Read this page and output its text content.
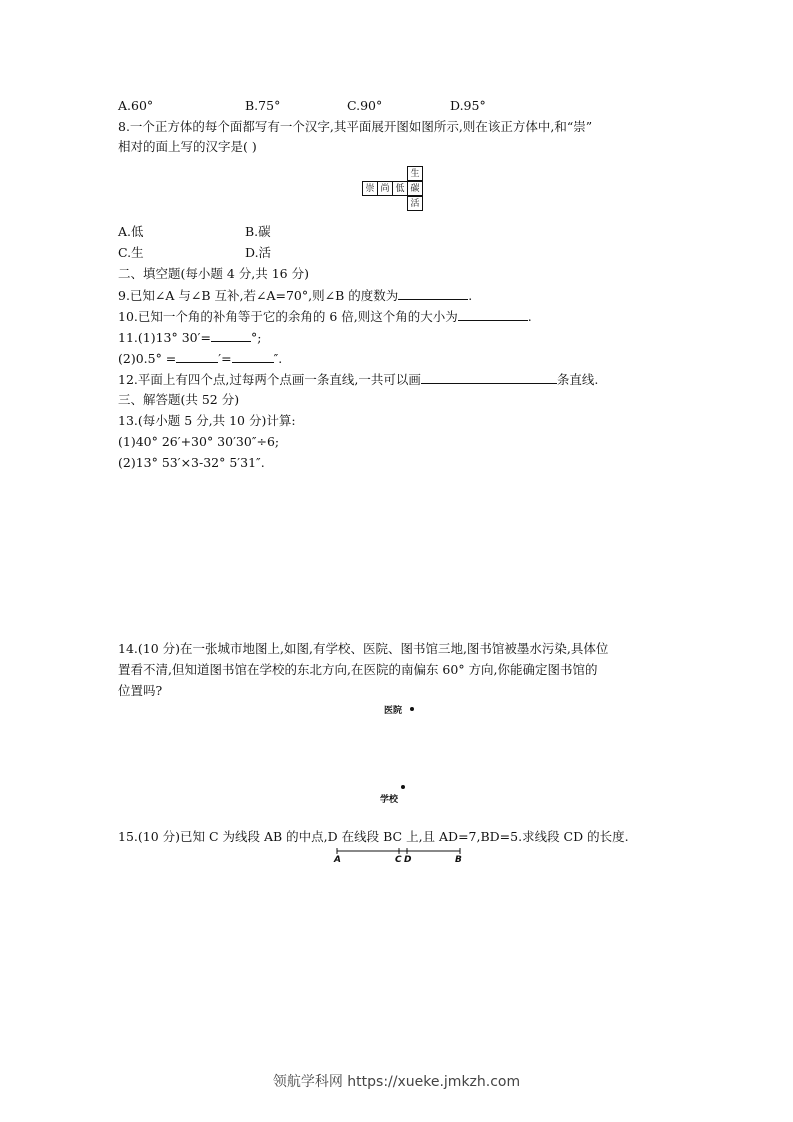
A.60°	B.75°	C.90°	D.95°
8.一个正方体的每个面都写有一个汉字,其平面展开图如图所示,则在该正方体中,和“崇”
相对的面上写的汉字是( )
崇 尚 低 碳
生
活
A.低	B.碳
C.生	D.活
二、填空题(每小题 4 分,共 16 分)
9.已知∠A 与∠B 互补,若∠A=70°,则∠B 的度数为	.
10.已知一个角的补角等于它的余角的 6 倍,则这个角的大小为	.
11.(1)13° 30′=	°;
(2)0.5° =	′=	″.
12.平面上有四个点,过每两个点画一条直线,一共可以画	条直线.
三、解答题(共 52 分)
13.(每小题 5 分,共 10 分)计算:
(1)40° 26′+30° 30′30″÷6;
(2)13° 53′×3-32° 5′31″.
14.(10 分)在一张城市地图上,如图,有学校、医院、图书馆三地,图书馆被墨水污染,具体位
置看不清,但知道图书馆在学校的东北方向,在医院的南偏东 60° 方向,你能确定图书馆的
位置吗?
医院
学校
15.(10 分)已知 C 为线段 AB 的中点,D 在线段 BC 上,且 AD=7,BD=5.求线段 CD 的长度.
A	C D	B
领航学科网 https://xueke.jmkzh.com
